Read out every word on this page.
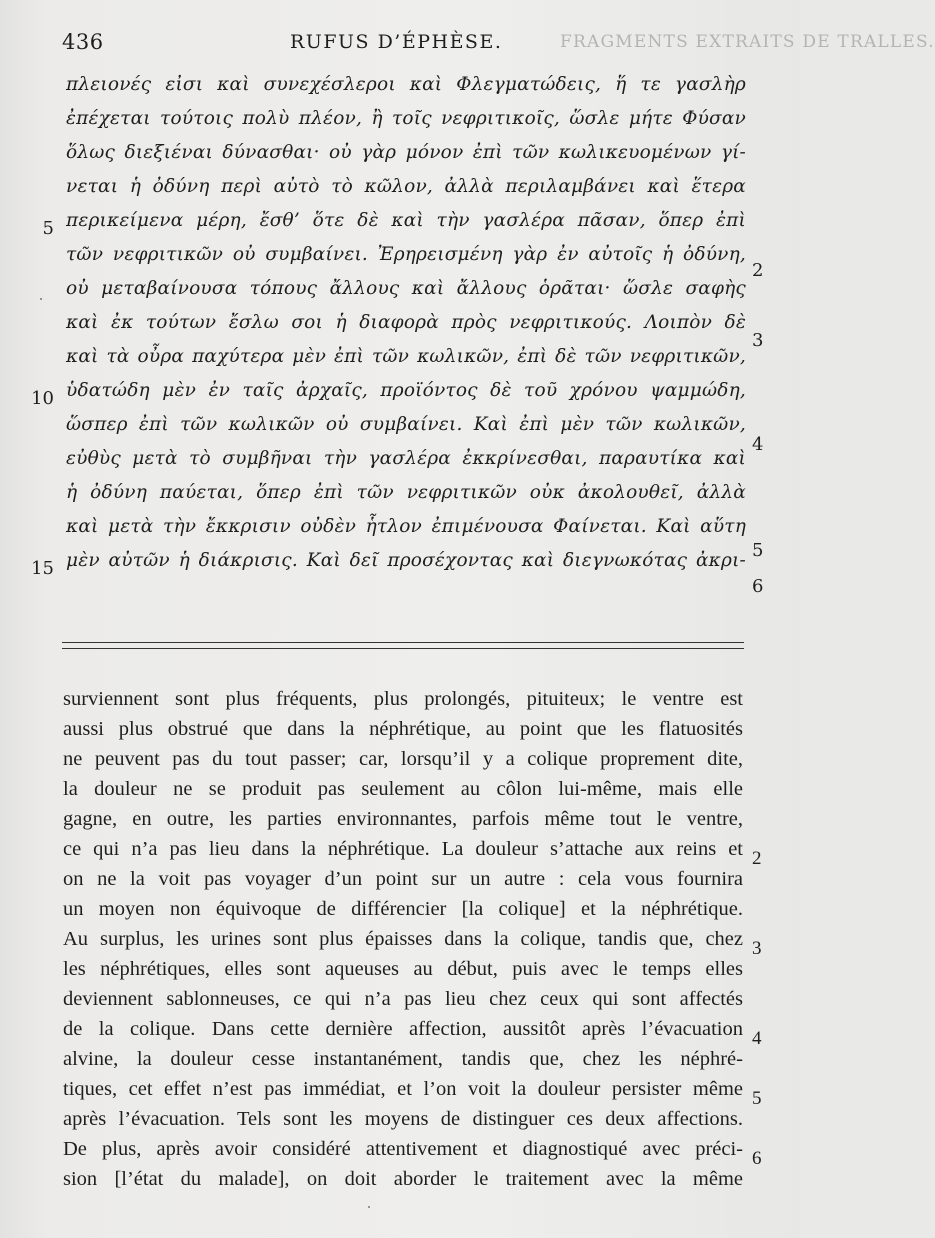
436	RUFUS D’ÉPHÈSE.	FRAGMENTS EXTRAITS DE TRALLES.
πλειονές εἰσι καὶ συνεχέσλεροι καὶ Φλεγματώδεις, ἥ τε γασλὴρ
ἐπέχεται τούτοις πολὺ πλέον, ἢ τοῖς νεφριτικοῖς, ὥσλε μήτε Φύσαν
ὅλως διεξιέναι δύνασθαι· οὐ γὰρ μόνον ἐπὶ τῶν κωλικευομένων γί-
νεται ἡ ὀδύνη περὶ αὐτὸ τὸ κῶλον, ἀλλὰ περιλαμβάνει καὶ ἕτερα
περικείμενα μέρη, ἔσθ’ ὅτε δὲ καὶ τὴν γασλέρα πᾶσαν, ὅπερ ἐπὶ
τῶν νεφριτικῶν οὐ συμβαίνει. Ἐρηρεισμένη γὰρ ἐν αὐτοῖς ἡ ὀδύνη,
οὐ μεταβαίνουσα τόπους ἄλλους καὶ ἄλλους ὁρᾶται· ὥσλε σαφὴς
καὶ ἐκ τούτων ἔσλω σοι ἡ διαφορὰ πρὸς νεφριτικούς. Λοιπὸν δὲ
καὶ τὰ οὖρα παχύτερα μὲν ἐπὶ τῶν κωλικῶν, ἐπὶ δὲ τῶν νεφριτικῶν,
ὑδατώδη μὲν ἐν ταῖς ἀρχαῖς, προϊόντος δὲ τοῦ χρόνου ψαμμώδη,
ὥσπερ ἐπὶ τῶν κωλικῶν οὐ συμβαίνει. Καὶ ἐπὶ μὲν τῶν κωλικῶν,
εὐθὺς μετὰ τὸ συμβῆναι τὴν γασλέρα ἐκκρίνεσθαι, παραυτίκα καὶ
ἡ ὀδύνη παύεται, ὅπερ ἐπὶ τῶν νεφριτικῶν οὐκ ἀκολουθεῖ, ἀλλὰ
καὶ μετὰ τὴν ἔκκρισιν οὐδὲν ἧτλον ἐπιμένουσα Φαίνεται. Καὶ αὕτη
μὲν αὐτῶν ἡ διάκρισις. Καὶ δεῖ προσέχοντας καὶ διεγνωκότας ἀκρι-
5
10
15
2
3
4
5
6
surviennent sont plus fréquents, plus prolongés, pituiteux; le ventre est
aussi plus obstrué que dans la néphrétique, au point que les flatuosités
ne peuvent pas du tout passer; car, lorsqu’il y a colique proprement dite,
la douleur ne se produit pas seulement au côlon lui-même, mais elle
gagne, en outre, les parties environnantes, parfois même tout le ventre,
ce qui n’a pas lieu dans la néphrétique. La douleur s’attache aux reins et
on ne la voit pas voyager d’un point sur un autre : cela vous fournira
un moyen non équivoque de différencier [la colique] et la néphrétique.
Au surplus, les urines sont plus épaisses dans la colique, tandis que, chez
les néphrétiques, elles sont aqueuses au début, puis avec le temps elles
deviennent sablonneuses, ce qui n’a pas lieu chez ceux qui sont affectés
de la colique. Dans cette dernière affection, aussitôt après l’évacuation
alvine, la douleur cesse instantanément, tandis que, chez les néphré-
tiques, cet effet n’est pas immédiat, et l’on voit la douleur persister même
après l’évacuation. Tels sont les moyens de distinguer ces deux affections.
De plus, après avoir considéré attentivement et diagnostiqué avec préci-
sion [l’état du malade], on doit aborder le traitement avec la même
2
3
4
5
6
